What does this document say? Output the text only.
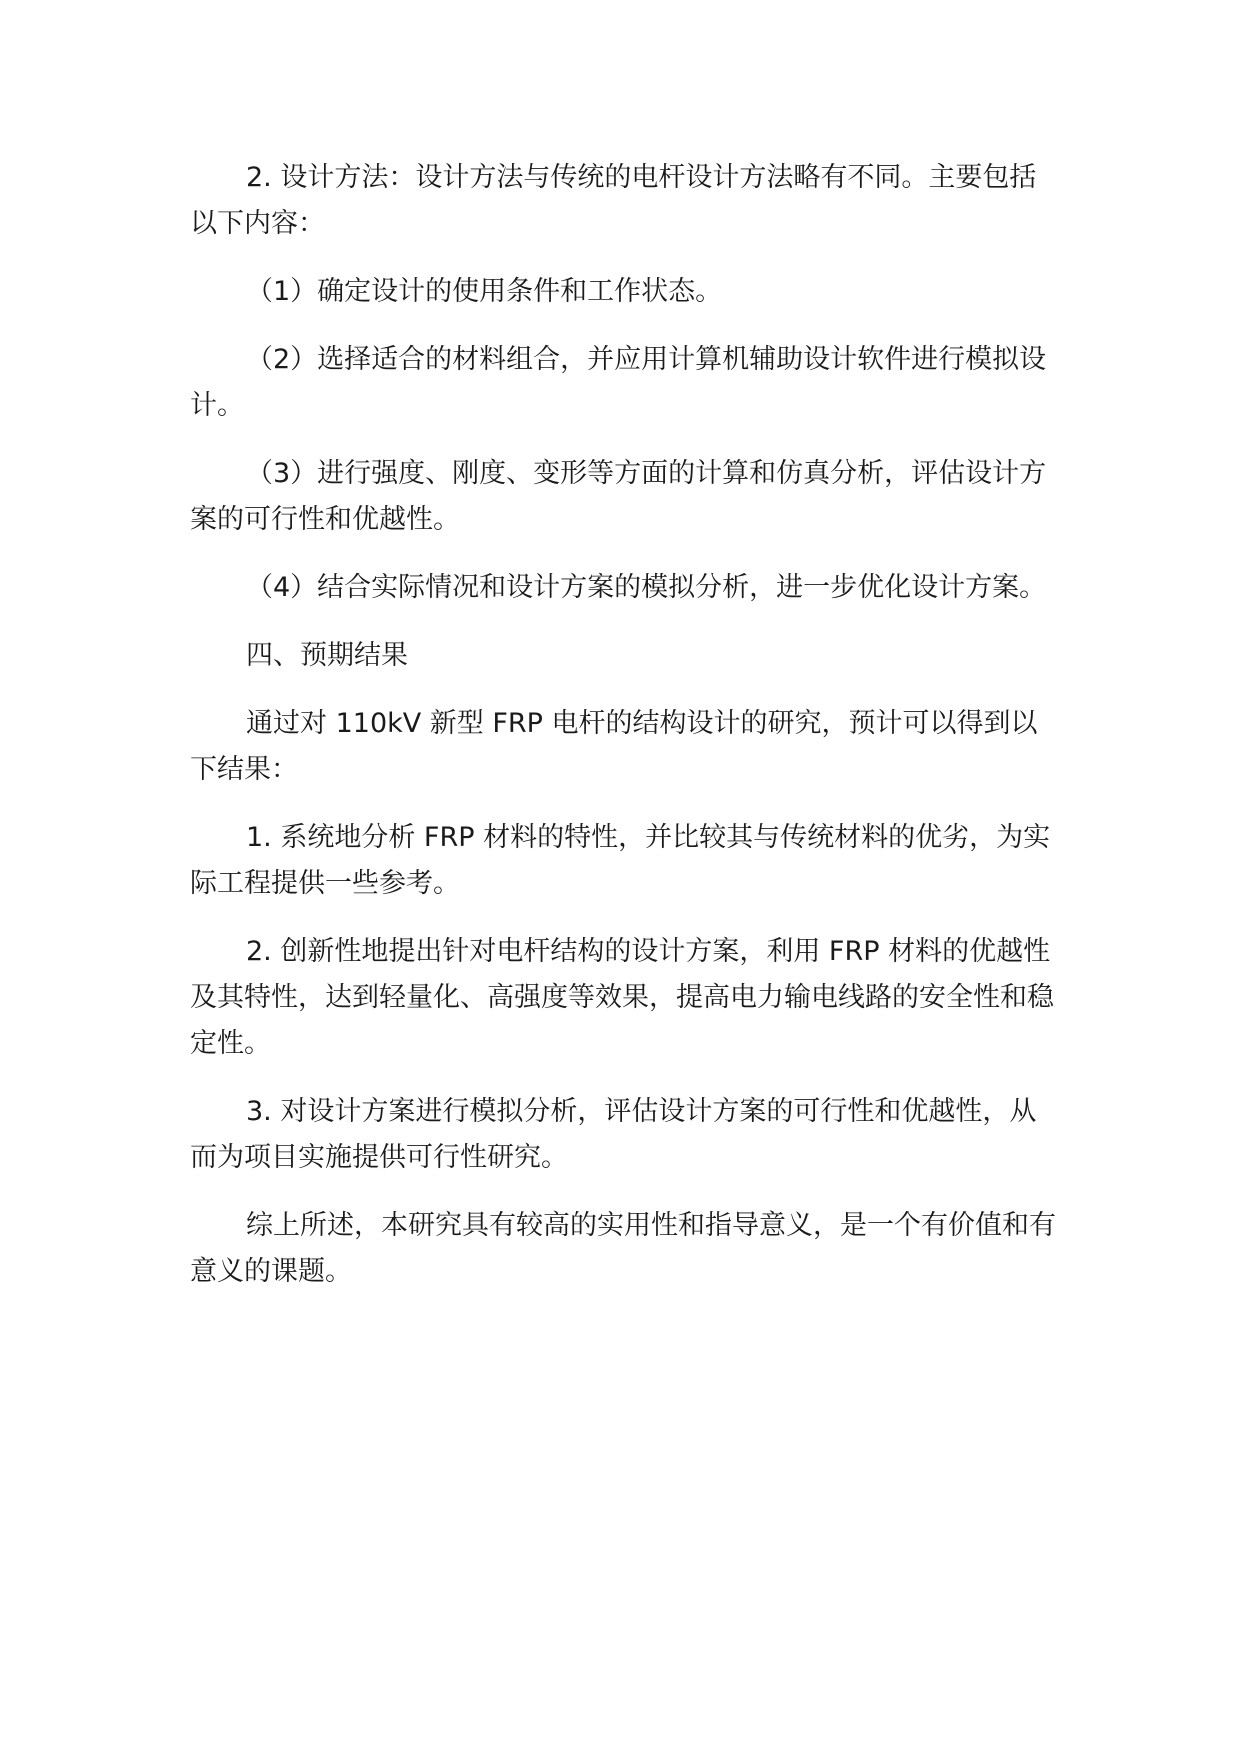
2. 设计方法：设计方法与传统的电杆设计方法略有不同。主要包括以下内容：

（1）确定设计的使用条件和工作状态。

（2）选择适合的材料组合，并应用计算机辅助设计软件进行模拟设计。

（3）进行强度、刚度、变形等方面的计算和仿真分析，评估设计方案的可行性和优越性。

（4）结合实际情况和设计方案的模拟分析，进一步优化设计方案。

四、预期结果

通过对 110kV 新型 FRP 电杆的结构设计的研究，预计可以得到以下结果：

1. 系统地分析 FRP 材料的特性，并比较其与传统材料的优劣，为实际工程提供一些参考。

2. 创新性地提出针对电杆结构的设计方案，利用 FRP 材料的优越性及其特性，达到轻量化、高强度等效果，提高电力输电线路的安全性和稳定性。

3. 对设计方案进行模拟分析，评估设计方案的可行性和优越性，从而为项目实施提供可行性研究。

综上所述，本研究具有较高的实用性和指导意义，是一个有价值和有意义的课题。
